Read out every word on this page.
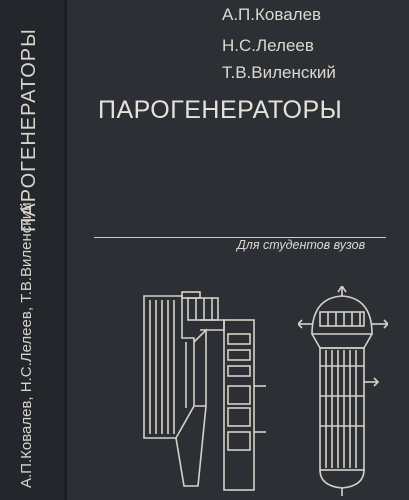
ПАРОГЕНЕРАТОРЫ
А.П.Ковалев, Н.С.Лелеев, Т.В.Виленский
А.П.Ковалев
Н.С.Лелеев
Т.В.Виленский
ПАРОГЕНЕРАТОРЫ
Для студентов вузов
